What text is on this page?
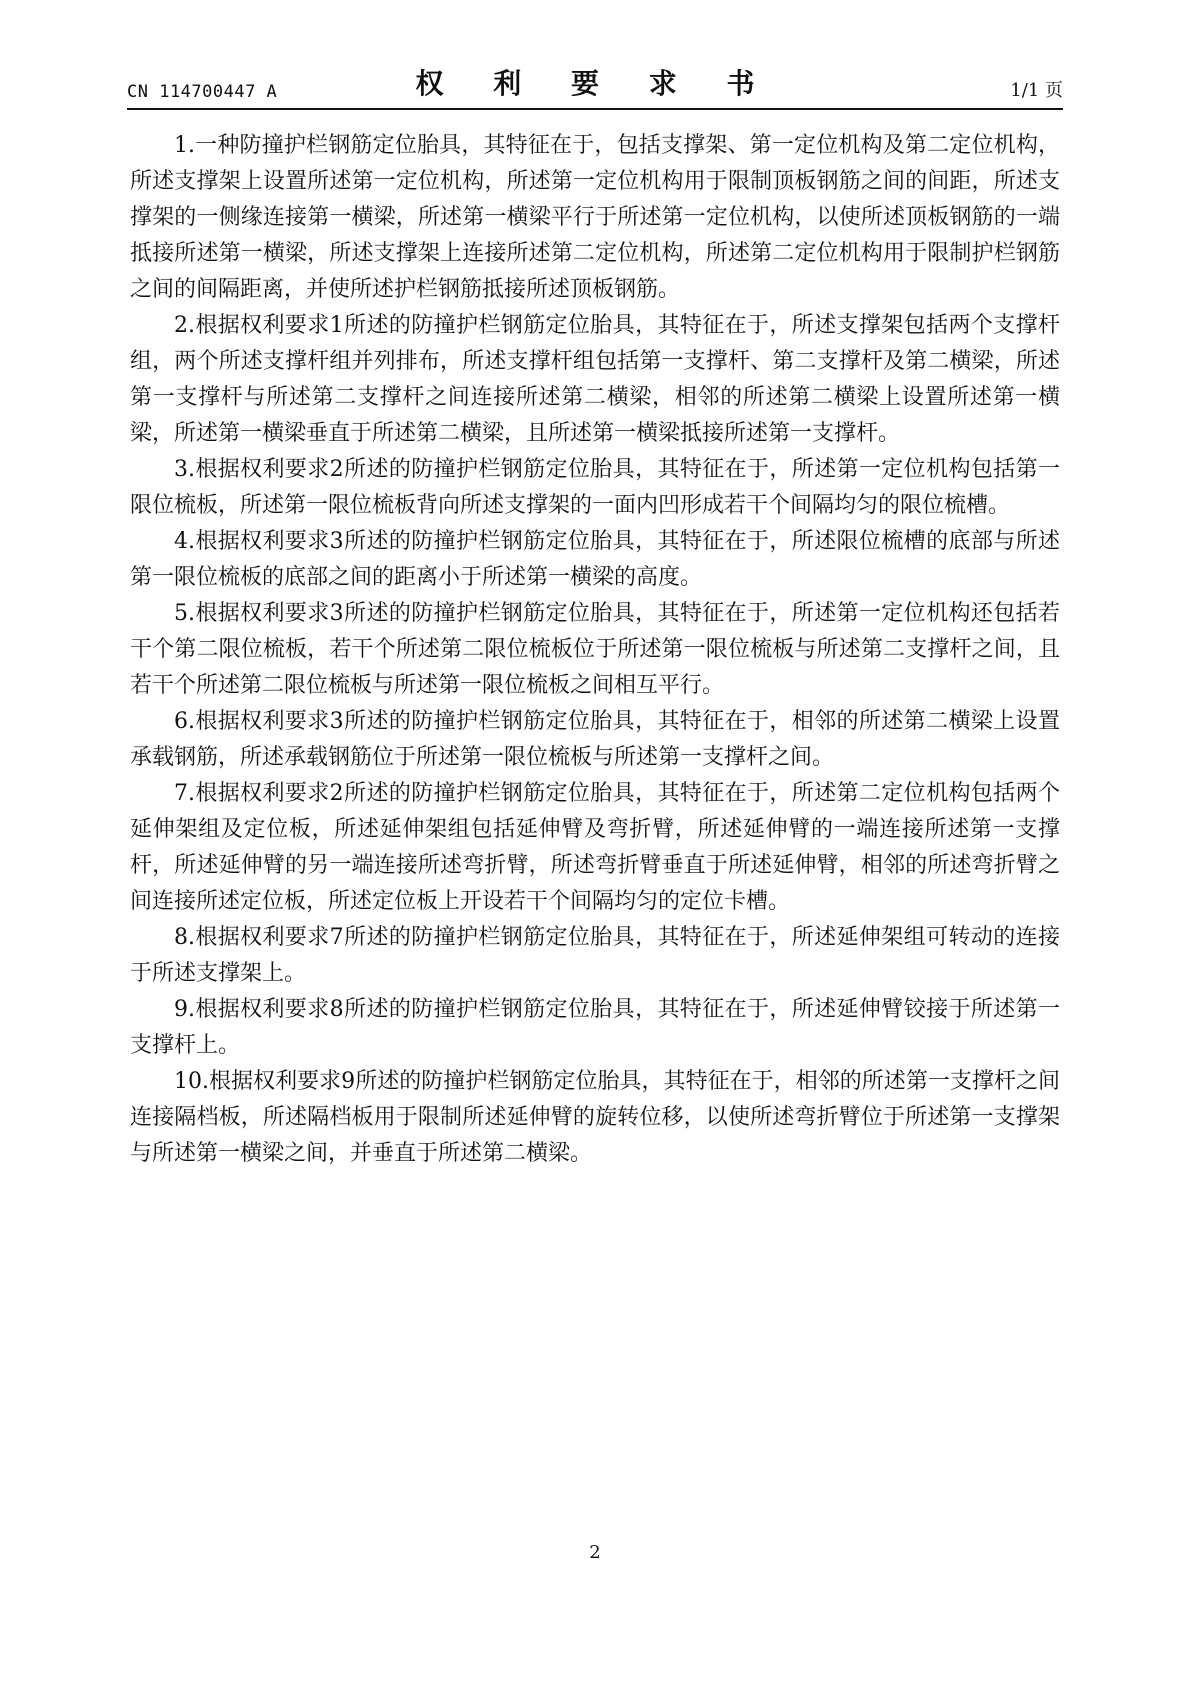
CN 114700447 A	权 利 要 求 书	1/1 页

1.一种防撞护栏钢筋定位胎具，其特征在于，包括支撑架、第一定位机构及第二定位机构，所述支撑架上设置所述第一定位机构，所述第一定位机构用于限制顶板钢筋之间的间距，所述支撑架的一侧缘连接第一横梁，所述第一横梁平行于所述第一定位机构，以使所述顶板钢筋的一端抵接所述第一横梁，所述支撑架上连接所述第二定位机构，所述第二定位机构用于限制护栏钢筋之间的间隔距离，并使所述护栏钢筋抵接所述顶板钢筋。

2.根据权利要求1所述的防撞护栏钢筋定位胎具，其特征在于，所述支撑架包括两个支撑杆组，两个所述支撑杆组并列排布，所述支撑杆组包括第一支撑杆、第二支撑杆及第二横梁，所述第一支撑杆与所述第二支撑杆之间连接所述第二横梁，相邻的所述第二横梁上设置所述第一横梁，所述第一横梁垂直于所述第二横梁，且所述第一横梁抵接所述第一支撑杆。

3.根据权利要求2所述的防撞护栏钢筋定位胎具，其特征在于，所述第一定位机构包括第一限位梳板，所述第一限位梳板背向所述支撑架的一面内凹形成若干个间隔均匀的限位梳槽。

4.根据权利要求3所述的防撞护栏钢筋定位胎具，其特征在于，所述限位梳槽的底部与所述第一限位梳板的底部之间的距离小于所述第一横梁的高度。

5.根据权利要求3所述的防撞护栏钢筋定位胎具，其特征在于，所述第一定位机构还包括若干个第二限位梳板，若干个所述第二限位梳板位于所述第一限位梳板与所述第二支撑杆之间，且若干个所述第二限位梳板与所述第一限位梳板之间相互平行。

6.根据权利要求3所述的防撞护栏钢筋定位胎具，其特征在于，相邻的所述第二横梁上设置承载钢筋，所述承载钢筋位于所述第一限位梳板与所述第一支撑杆之间。

7.根据权利要求2所述的防撞护栏钢筋定位胎具，其特征在于，所述第二定位机构包括两个延伸架组及定位板，所述延伸架组包括延伸臂及弯折臂，所述延伸臂的一端连接所述第一支撑杆，所述延伸臂的另一端连接所述弯折臂，所述弯折臂垂直于所述延伸臂，相邻的所述弯折臂之间连接所述定位板，所述定位板上开设若干个间隔均匀的定位卡槽。

8.根据权利要求7所述的防撞护栏钢筋定位胎具，其特征在于，所述延伸架组可转动的连接于所述支撑架上。

9.根据权利要求8所述的防撞护栏钢筋定位胎具，其特征在于，所述延伸臂铰接于所述第一支撑杆上。

10.根据权利要求9所述的防撞护栏钢筋定位胎具，其特征在于，相邻的所述第一支撑杆之间连接隔档板，所述隔档板用于限制所述延伸臂的旋转位移，以使所述弯折臂位于所述第一支撑架与所述第一横梁之间，并垂直于所述第二横梁。

2
